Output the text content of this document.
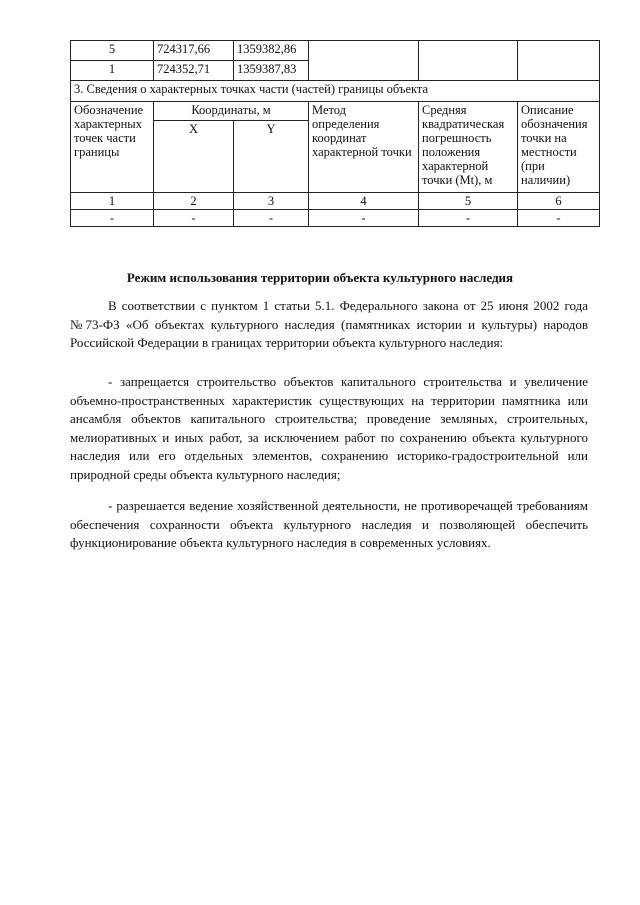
5	724317,66	1359382,86			
1	724352,71	1359387,83			
3. Сведения о характерных точках части (частей) границы объекта					
Обозначение характерных точек части границы	Координаты, м		Метод определения координат характерной точки	Средняя квадратическая погрешность положения характерной точки (Mt), м	Описание обозначения точки на местности (при наличии)
	X	Y			
1	2	3	4	5	6
-	-	-	-	-	-
Режим использования территории объекта культурного наследия

В соответствии с пунктом 1 статьи 5.1. Федерального закона от 25 июня 2002 года №73-ФЗ «Об объектах культурного наследия (памятниках истории и культуры) народов Российской Федерации в границах территории объекта культурного наследия:

- запрещается строительство объектов капитального строительства и увеличение объемно-пространственных характеристик существующих на территории памятника или ансамбля объектов капитального строительства; проведение земляных, строительных, мелиоративных и иных работ, за исключением работ по сохранению объекта культурного наследия или его отдельных элементов, сохранению историко-градостроительной или природной среды объекта культурного наследия;

- разрешается ведение хозяйственной деятельности, не противоречащей требованиям обеспечения сохранности объекта культурного наследия и позволяющей обеспечить функционирование объекта культурного наследия в современных условиях.
